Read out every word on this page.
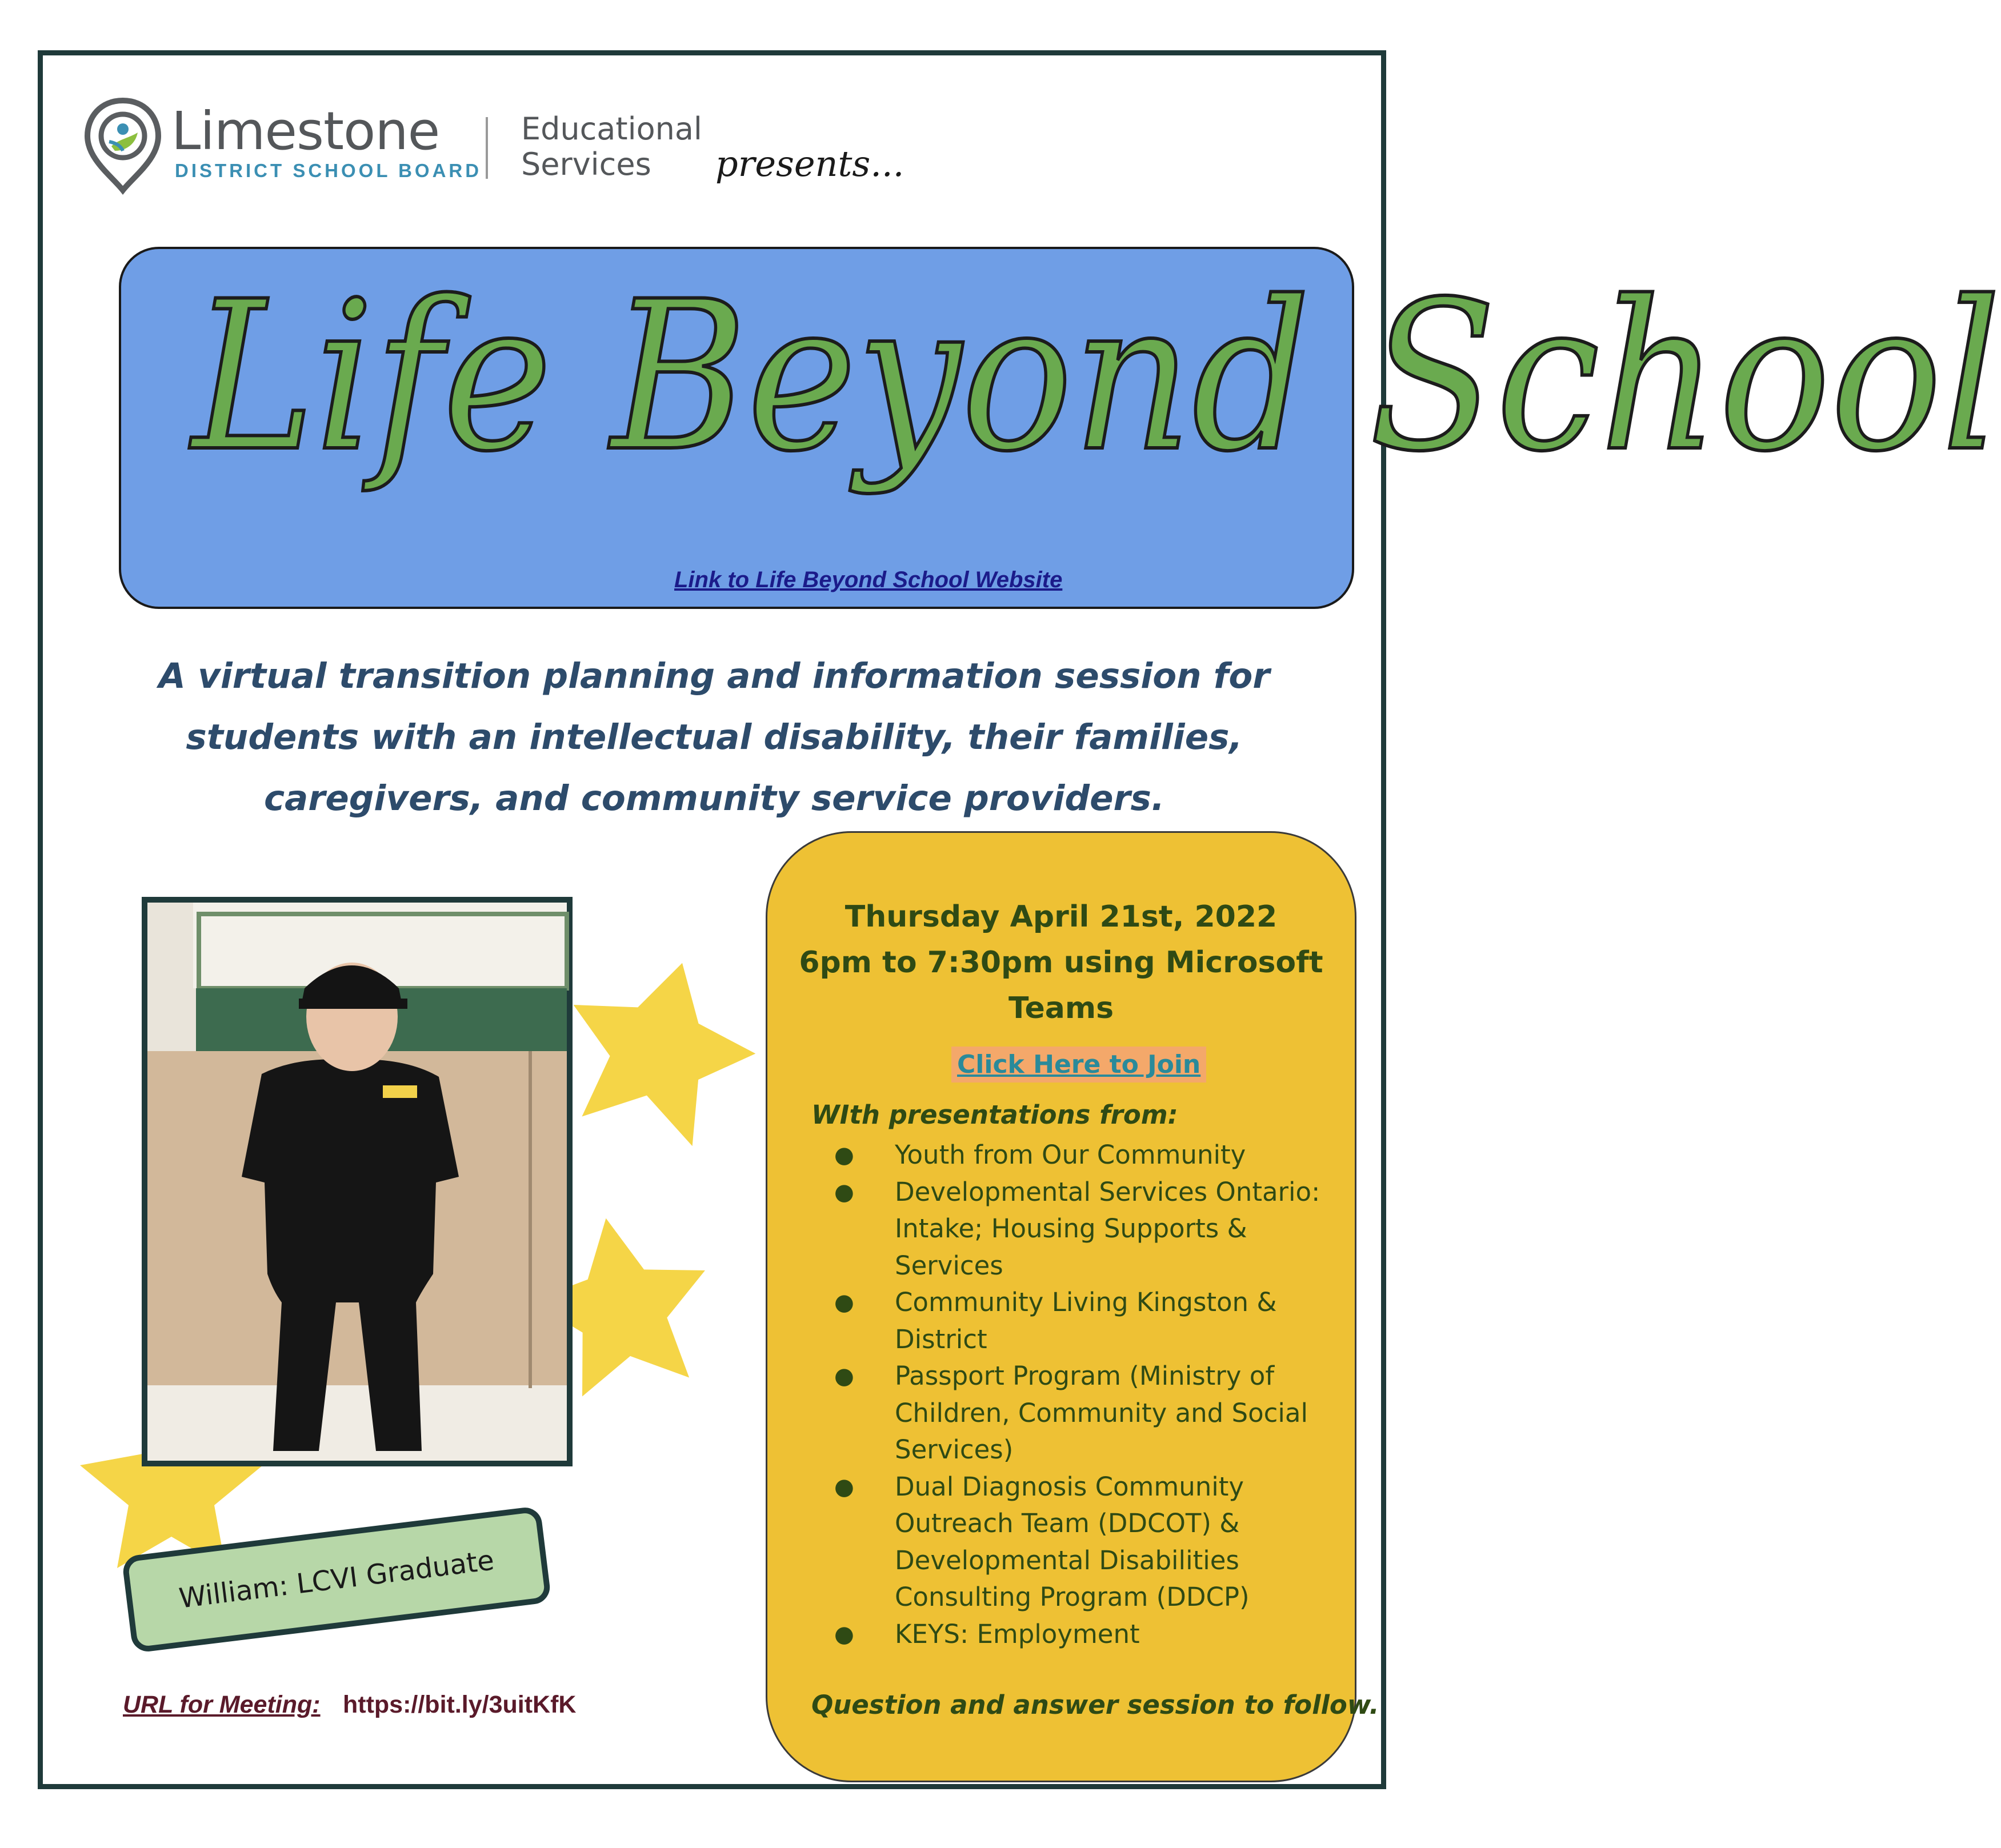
Limestone
DISTRICT SCHOOL BOARD
Educational
Services	presents...
Life Beyond School
Link to Life Beyond School Website
A virtual transition planning and information session for
students with an intellectual disability, their families,
caregivers, and community service providers.
William: LCVI Graduate
URL for Meeting: https://bit.ly/3uitKfK
Thursday April 21st, 2022
6pm to 7:30pm using Microsoft
Teams
Click Here to Join
WIth presentations from:
● Youth from Our Community
● Developmental Services Ontario:
Intake; Housing Supports &
Services
● Community Living Kingston &
District
● Passport Program (Ministry of
Children, Community and Social
Services)
● Dual Diagnosis Community
Outreach Team (DDCOT) &
Developmental Disabilities
Consulting Program (DDCP)
● KEYS: Employment
Question and answer session to follow.
